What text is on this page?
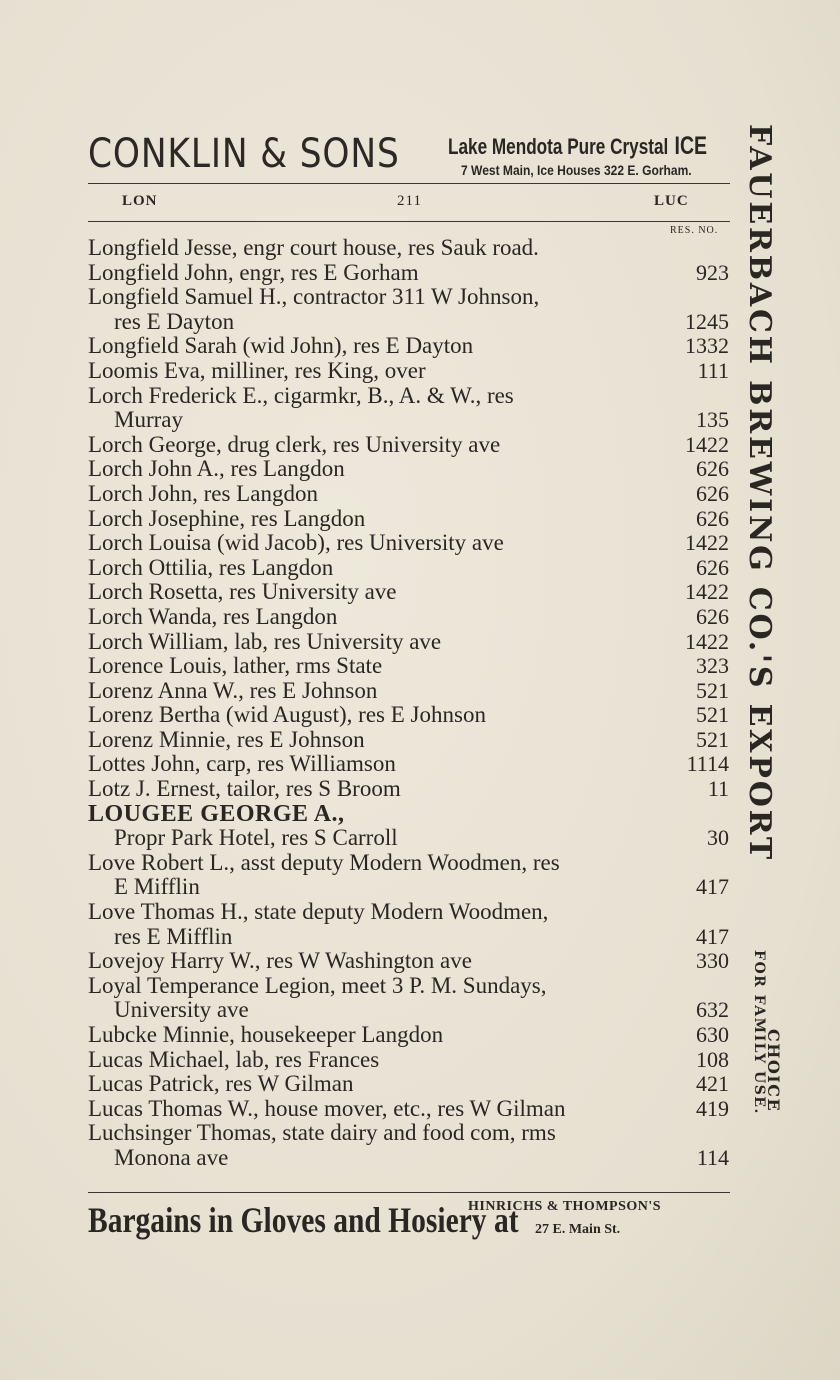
CONKLIN & SONS Lake Mendota Pure Crystal ICE
7 West Main, Ice Houses 322 E. Gorham.
LON	211	LUC
RES. NO.
Longfield Jesse, engr court house, res Sauk road.
Longfield John, engr, res E Gorham	923
Longfield Samuel H., contractor 311 W Johnson,
res E Dayton	1245
Longfield Sarah (wid John), res E Dayton	1332
Loomis Eva, milliner, res King, over	111
Lorch Frederick E., cigarmkr, B., A. & W., res
Murray	135
Lorch George, drug clerk, res University ave	1422
Lorch John A., res Langdon	626
Lorch John, res Langdon	626
Lorch Josephine, res Langdon	626
Lorch Louisa (wid Jacob), res University ave	1422
Lorch Ottilia, res Langdon	626
Lorch Rosetta, res University ave	1422
Lorch Wanda, res Langdon	626
Lorch William, lab, res University ave	1422
Lorence Louis, lather, rms State	323
Lorenz Anna W., res E Johnson	521
Lorenz Bertha (wid August), res E Johnson	521
Lorenz Minnie, res E Johnson	521
Lottes John, carp, res Williamson	1114
Lotz J. Ernest, tailor, res S Broom	11
LOUGEE GEORGE A.,
Propr Park Hotel, res S Carroll	30
Love Robert L., asst deputy Modern Woodmen, res
E Mifflin	417
Love Thomas H., state deputy Modern Woodmen,
res E Mifflin	417
Lovejoy Harry W., res W Washington ave	330
Loyal Temperance Legion, meet 3 P. M. Sundays,
University ave	632
Lubcke Minnie, housekeeper Langdon	630
Lucas Michael, lab, res Frances	108
Lucas Patrick, res W Gilman	421
Lucas Thomas W., house mover, etc., res W Gilman	419
Luchsinger Thomas, state dairy and food com, rms
Monona ave	114
FAUERBACH BREWING CO.'S EXPORT
FOR FAMILY USE.
CHOICE
Bargains in Gloves and Hosiery at
HINRICHS & THOMPSON'S
27 E. Main St.
